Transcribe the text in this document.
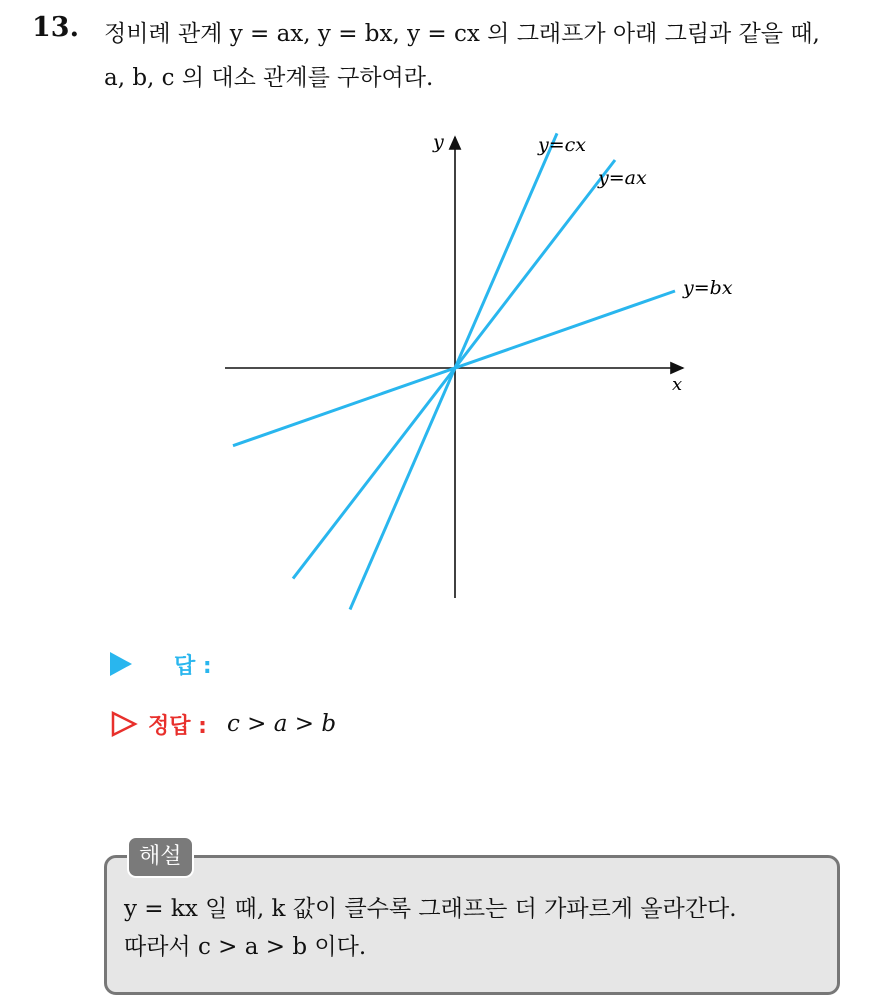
13. 정비례 관계 y = ax, y = bx, y = cx 의 그래프가 아래 그림과 같을 때,
a, b, c 의 대소 관계를 구하여라.
x
y	y=cx
y=ax
y=bx
답 :
정답 : c > a > b
해설
y = kx 일 때, k 값이 클수록 그래프는 더 가파르게 올라간다.
따라서 c > a > b 이다.
